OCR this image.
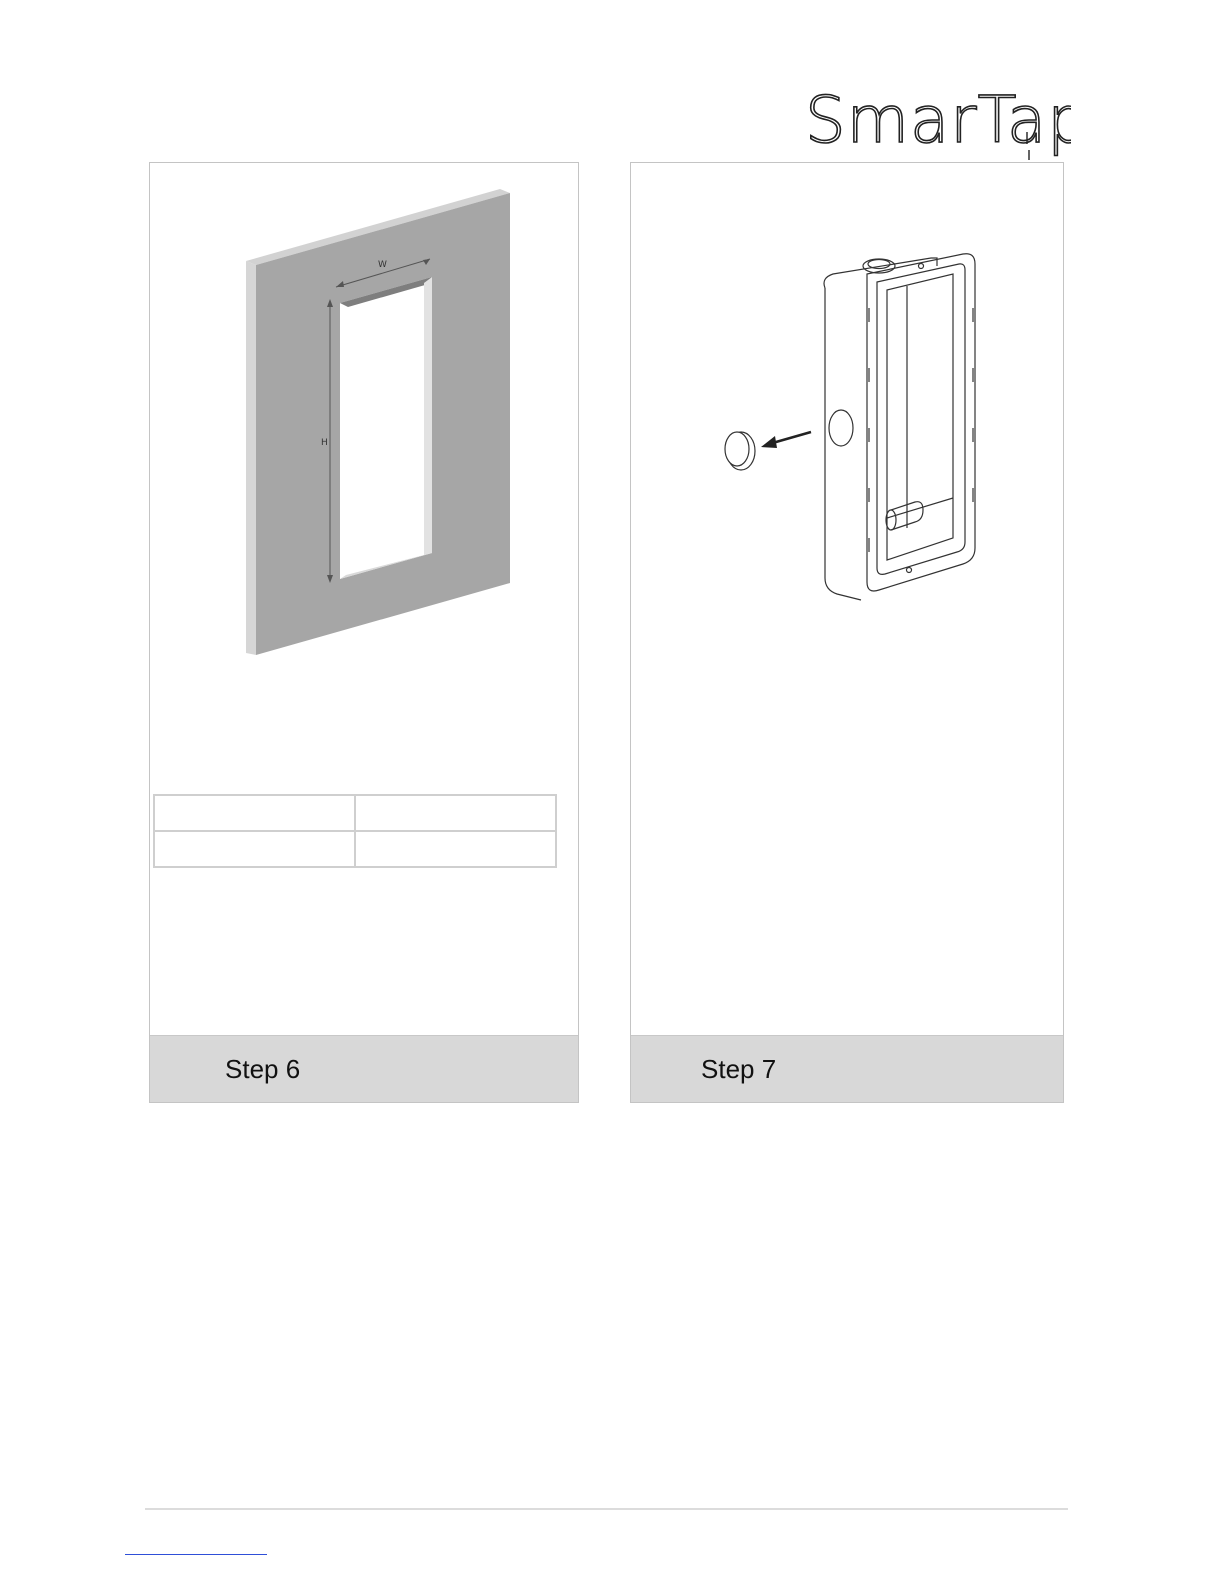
SmarTap
W
H

Step 6	Step 7
